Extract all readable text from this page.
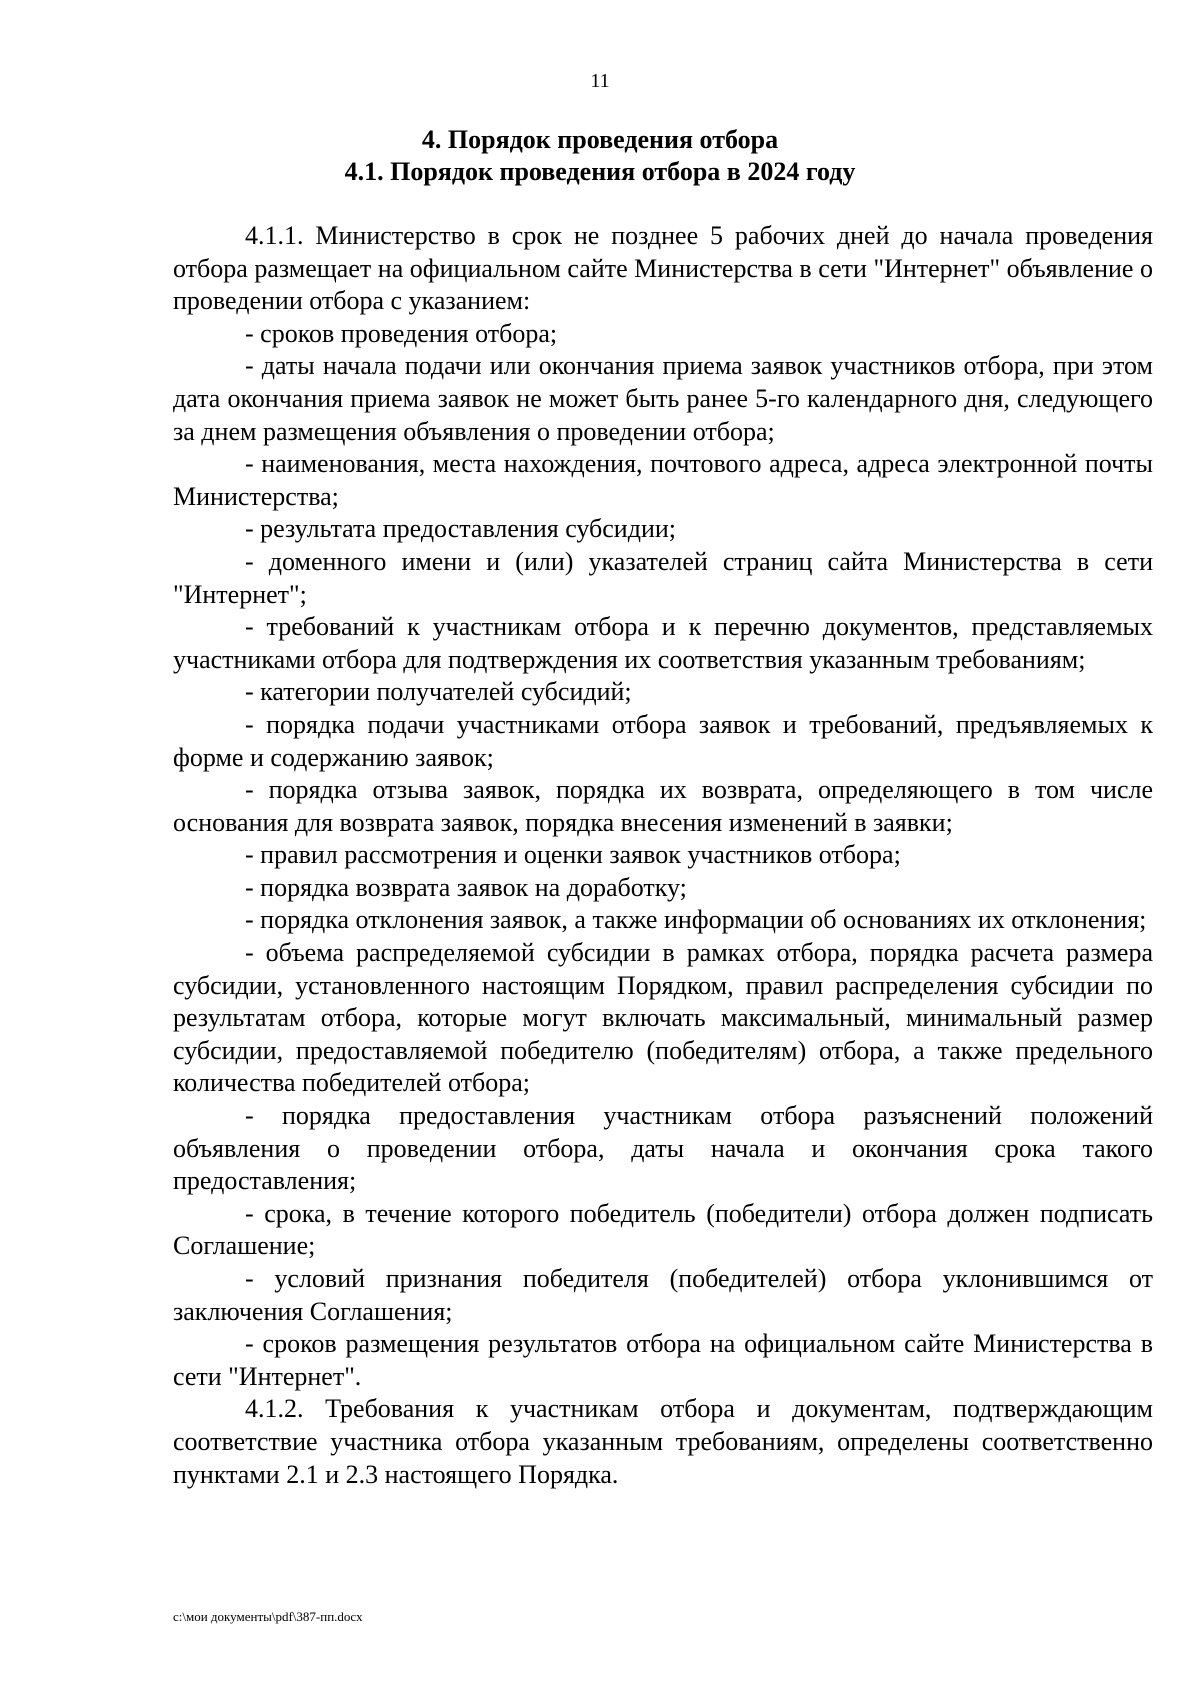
11
4. Порядок проведения отбора
4.1. Порядок проведения отбора в 2024 году

4.1.1. Министерство в срок не позднее 5 рабочих дней до начала проведения отбора размещает на официальном сайте Министерства в сети "Интернет" объявление о проведении отбора с указанием:

- сроков проведения отбора;

- даты начала подачи или окончания приема заявок участников отбора, при этом дата окончания приема заявок не может быть ранее 5-го календарного дня, следующего за днем размещения объявления о проведении отбора;

- наименования, места нахождения, почтового адреса, адреса электронной почты Министерства;

- результата предоставления субсидии;

- доменного имени и (или) указателей страниц сайта Министерства в сети "Интернет";

- требований к участникам отбора и к перечню документов, представляемых участниками отбора для подтверждения их соответствия указанным требованиям;

- категории получателей субсидий;

- порядка подачи участниками отбора заявок и требований, предъявляемых к форме и содержанию заявок;

- порядка отзыва заявок, порядка их возврата, определяющего в том числе основания для возврата заявок, порядка внесения изменений в заявки;

- правил рассмотрения и оценки заявок участников отбора;

- порядка возврата заявок на доработку;

- порядка отклонения заявок, а также информации об основаниях их отклонения;

- объема распределяемой субсидии в рамках отбора, порядка расчета размера субсидии, установленного настоящим Порядком, правил распределения субсидии по результатам отбора, которые могут включать максимальный, минимальный размер субсидии, предоставляемой победителю (победителям) отбора, а также предельного количества победителей отбора;

- порядка предоставления участникам отбора разъяснений положений объявления о проведении отбора, даты начала и окончания срока такого предоставления;

- срока, в течение которого победитель (победители) отбора должен подписать Соглашение;

- условий признания победителя (победителей) отбора уклонившимся от заключения Соглашения;

- сроков размещения результатов отбора на официальном сайте Министерства в сети "Интернет".

4.1.2. Требования к участникам отбора и документам, подтверждающим соответствие участника отбора указанным требованиям, определены соответственно пунктами 2.1 и 2.3 настоящего Порядка.

c:\мои документы\pdf\387-пп.docx
